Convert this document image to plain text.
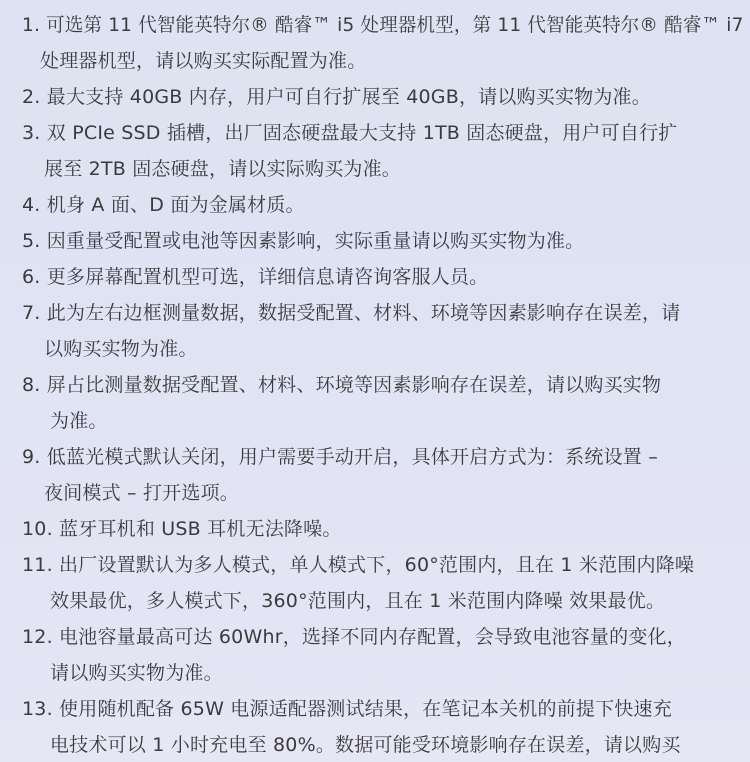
1. 可选第 11 代智能英特尔® 酷睿™ i5 处理器机型，第 11 代智能英特尔® 酷睿™ i7
处理器机型，请以购买实际配置为准。
2. 最大支持 40GB 内存，用户可自行扩展至 40GB，请以购买实物为准。
3. 双 PCIe SSD 插槽，出厂固态硬盘最大支持 1TB 固态硬盘，用户可自行扩
展至 2TB 固态硬盘，请以实际购买为准。
4. 机身 A 面、D 面为金属材质。
5. 因重量受配置或电池等因素影响，实际重量请以购买实物为准。
6. 更多屏幕配置机型可选，详细信息请咨询客服人员。
7. 此为左右边框测量数据，数据受配置、材料、环境等因素影响存在误差，请
以购买实物为准。
8. 屏占比测量数据受配置、材料、环境等因素影响存在误差，请以购买实物
为准。
9. 低蓝光模式默认关闭，用户需要手动开启，具体开启方式为：系统设置 –
夜间模式 – 打开选项。
10. 蓝牙耳机和 USB 耳机无法降噪。
11. 出厂设置默认为多人模式，单人模式下，60°范围内，且在 1 米范围内降噪
效果最优，多人模式下，360°范围内，且在 1 米范围内降噪 效果最优。
12. 电池容量最高可达 60Whr，选择不同内存配置，会导致电池容量的变化，
请以购买实物为准。
13. 使用随机配备 65W 电源适配器测试结果，在笔记本关机的前提下快速充
电技术可以 1 小时充电至 80%。数据可能受环境影响存在误差，请以购买
